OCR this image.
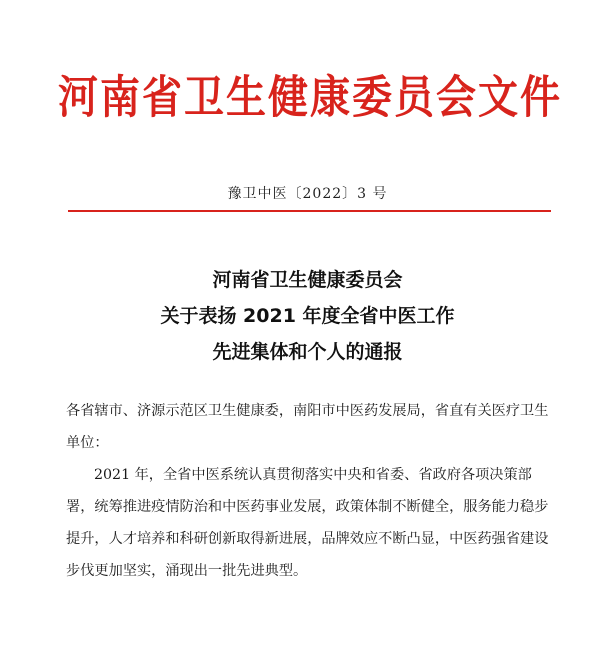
河南省卫生健康委员会文件
豫卫中医〔2022〕3 号
河南省卫生健康委员会
关于表扬 2021 年度全省中医工作
先进集体和个人的通报
各省辖市、济源示范区卫生健康委，南阳市中医药发展局，省直有关医疗卫生单位：
2021 年，全省中医系统认真贯彻落实中央和省委、省政府各项决策部署，统筹推进疫情防治和中医药事业发展，政策体制不断健全，服务能力稳步提升，人才培养和科研创新取得新进展，品牌效应不断凸显，中医药强省建设步伐更加坚实，涌现出一批先进典型。
